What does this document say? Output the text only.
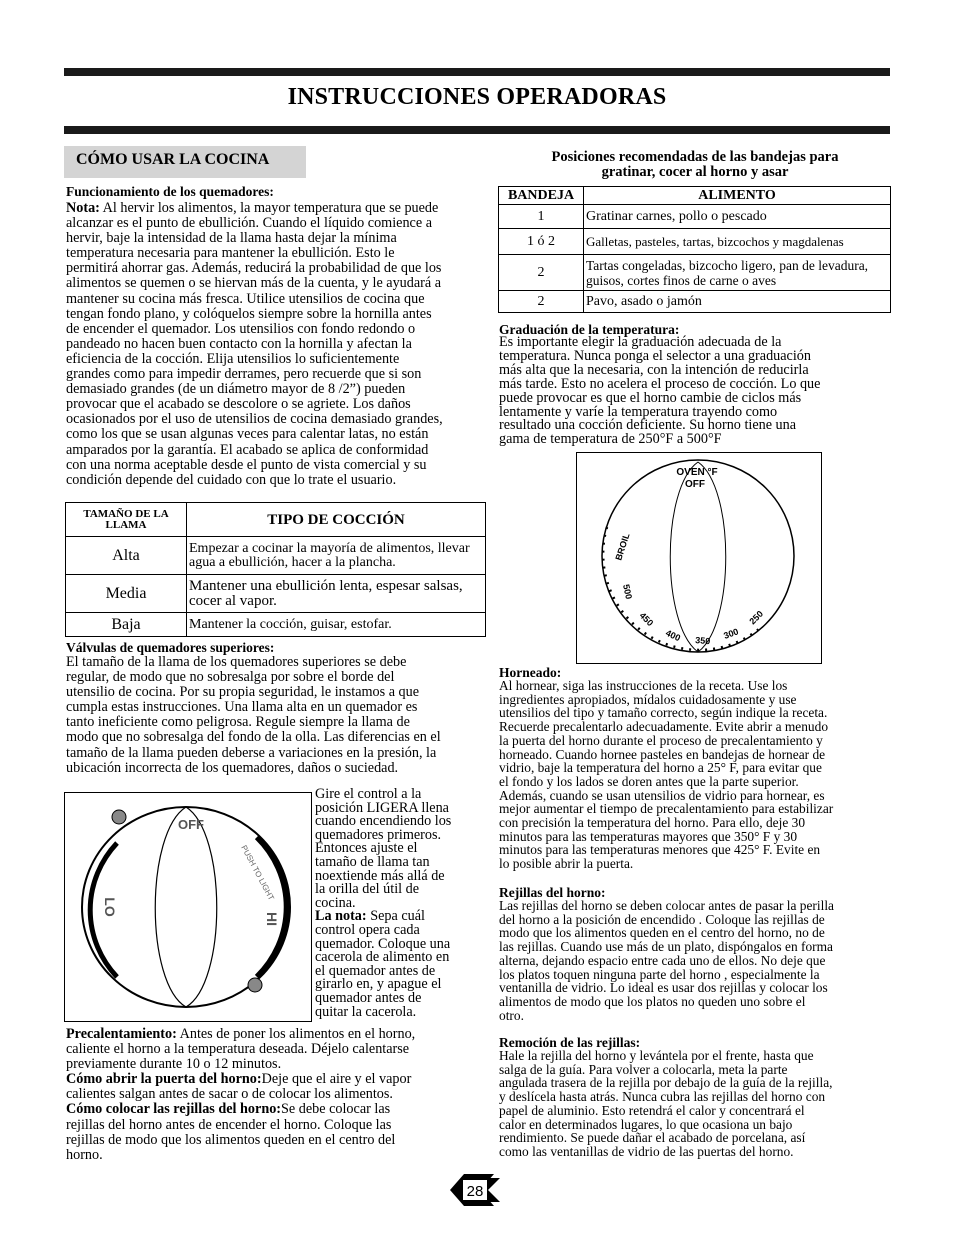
INSTRUCCIONES OPERADORAS
CÓMO USAR LA COCINA
Funcionamiento de los quemadores:
Nota: Al hervir los alimentos, la mayor temperatura que se puede
alcanzar es el punto de ebullición. Cuando el líquido comience a
hervir, baje la intensidad de la llama hasta dejar la mínima
temperatura necesaria para mantener la ebullición. Esto le
permitirá ahorrar gas. Además, reducirá la probabilidad de que los
alimentos se quemen o se hiervan más de la cuenta, y le ayudará a
mantener su cocina más fresca. Utilice utensilios de cocina que
tengan fondo plano, y colóquelos siempre sobre la hornilla antes
de encender el quemador. Los utensilios con fondo redondo o
pandeado no hacen buen contacto con la hornilla y afectan la
eficiencia de la cocción. Elija utensilios lo suficientemente
grandes como para impedir derrames, pero recuerde que si son
demasiado grandes (de un diámetro mayor de 8 /2”) pueden
provocar que el acabado se descolore o se agriete. Los daños
ocasionados por el uso de utensilios de cocina demasiado grandes,
como los que se usan algunas veces para calentar latas, no están
amparados por la garantía. El acabado se aplica de conformidad
con una norma aceptable desde el punto de vista comercial y su
condición depende del cuidado con que lo trate el usuario.
TAMAÑO DE LA LLAMA	TIPO DE COCCIÓN
Alta	Empezar a cocinar la mayoría de alimentos, llevar agua a ebullición, hacer a la plancha.
Media	Mantener una ebullición lenta, espesar salsas, cocer al vapor.
Baja	Mantener la cocción, guisar, estofar.
Válvulas de quemadores superiores:
El tamaño de la llama de los quemadores superiores se debe
regular, de modo que no sobresalga por sobre el borde del
utensilio de cocina. Por su propia seguridad, le instamos a que
cumpla estas instrucciones. Una llama alta en un quemador es
tanto ineficiente como peligrosa. Regule siempre la llama de
modo que no sobresalga del fondo de la olla. Las diferencias en el
tamaño de la llama pueden deberse a variaciones en la presión, la
ubicación incorrecta de los quemadores, daños o suciedad.
OFF
LO
HI
PUSH TO LIGHT
Gire el control a la
posición LIGERA llena
cuando encendiendo los
quemadores primeros.
Entonces ajuste el
tamaño de llama tan
noextiende más allá de
la orilla del útil de
cocina.
La nota: Sepa cuál
control opera cada
quemador. Coloque una
cacerola de alimento en
el quemador antes de
girarlo en, y apague el
quemador antes de
quitar la cacerola.
Precalentamiento: Antes de poner los alimentos en el horno,
caliente el horno a la temperatura deseada. Déjelo calentarse
previamente durante 10 o 12 minutos.
Cómo abrir la puerta del horno:Deje que el aire y el vapor
calientes salgan antes de sacar o de colocar los alimentos.
Cómo colocar las rejillas del horno:Se debe colocar las
rejillas del horno antes de encender el horno. Coloque las
rejillas de modo que los alimentos queden en el centro del
horno.
Posiciones recomendadas de las bandejas para
gratinar, cocer al horno y asar
BANDEJA	ALIMENTO
1	Gratinar carnes, pollo o pescado
1 ó 2	Galletas, pasteles, tartas, bizcochos y magdalenas
2	Tartas congeladas, bizcocho ligero, pan de levadura, guisos, cortes finos de carne o aves
2	Pavo, asado o jamón
Graduación de la temperatura:
Es importante elegir la graduación adecuada de la
temperatura. Nunca ponga el selector a una graduación
más alta que la necesaria, con la intención de reducirla
más tarde. Esto no acelera el proceso de cocción. Lo que
puede provocar es que el horno cambie de ciclos más
lentamente y varíe la temperatura trayendo como
resultado una cocción deficiente. Su horno tiene una
gama de temperatura de 250°F a 500°F
OVEN °F
OFF
BROIL
500
450
400 350 300
250
Horneado:
Al hornear, siga las instrucciones de la receta. Use los
ingredientes apropiados, mídalos cuidadosamente y use
utensilios del tipo y tamaño correcto, según indique la receta.
Recuerde precalentarlo adecuadamente. Evite abrir a menudo
la puerta del horno durante el proceso de precalentamiento y
horneado. Cuando hornee pasteles en bandejas de hornear de
vidrio, baje la temperatura del horno a 25° F, para evitar que
el fondo y los lados se doren antes que la parte superior.
Además, cuando se usan utensilios de vidrio para hornear, es
mejor aumentar el tiempo de precalentamiento para estabilizar
con precisión la temperatura del horno. Para ello, deje 30
minutos para las temperaturas mayores que 350° F y 30
minutos para las temperaturas menores que 425° F. Evite en
lo posible abrir la puerta.
Rejillas del horno:
Las rejillas del horno se deben colocar antes de pasar la perilla
del horno a la posición de encendido . Coloque las rejillas de
modo que los alimentos queden en el centro del horno, no de
las rejillas. Cuando use más de un plato, dispóngalos en forma
alterna, dejando espacio entre cada uno de ellos. No deje que
los platos toquen ninguna parte del horno , especialmente la
ventanilla de vidrio. Lo ideal es usar dos rejillas y colocar los
alimentos de modo que los platos no queden uno sobre el
otro.
Remoción de las rejillas:
Hale la rejilla del horno y levántela por el frente, hasta que
salga de la guía. Para volver a colocarla, meta la parte
angulada trasera de la rejilla por debajo de la guía de la rejilla,
y deslícela hasta atrás. Nunca cubra las rejillas del horno con
papel de aluminio. Esto retendrá el calor y concentrará el
calor en determinados lugares, lo que ocasiona un bajo
rendimiento. Se puede dañar el acabado de porcelana, así
como las ventanillas de vidrio de las puertas del horno.
28
